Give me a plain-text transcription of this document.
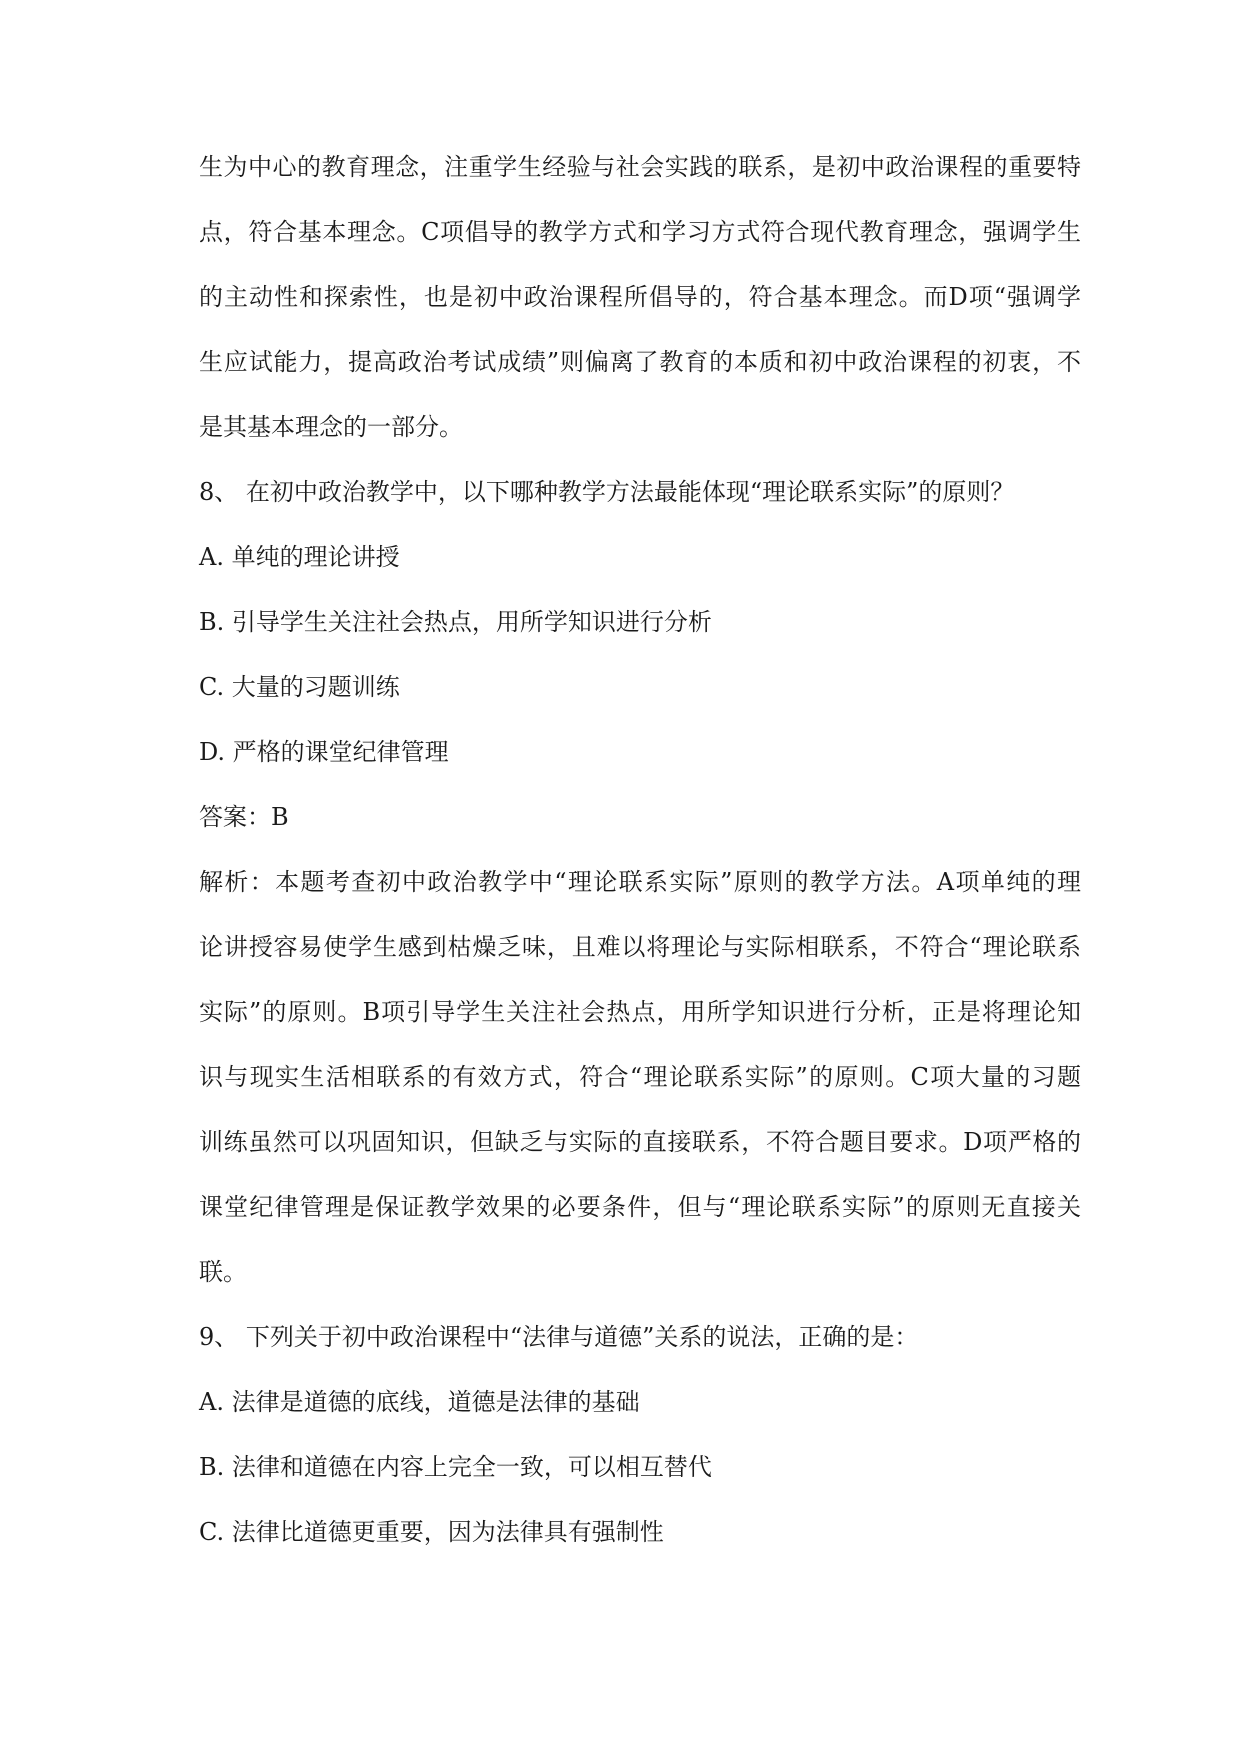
生为中心的教育理念，注重学生经验与社会实践的联系，是初中政治课程的重要特
点，符合基本理念。C项倡导的教学方式和学习方式符合现代教育理念，强调学生
的主动性和探索性，也是初中政治课程所倡导的，符合基本理念。而D项“强调学
生应试能力，提高政治考试成绩”则偏离了教育的本质和初中政治课程的初衷，不
是其基本理念的一部分。
8、 在初中政治教学中，以下哪种教学方法最能体现“理论联系实际”的原则？
A. 单纯的理论讲授
B. 引导学生关注社会热点，用所学知识进行分析
C. 大量的习题训练
D. 严格的课堂纪律管理
答案：B
解析：本题考查初中政治教学中“理论联系实际”原则的教学方法。A项单纯的理
论讲授容易使学生感到枯燥乏味，且难以将理论与实际相联系，不符合“理论联系
实际”的原则。B项引导学生关注社会热点，用所学知识进行分析，正是将理论知
识与现实生活相联系的有效方式，符合“理论联系实际”的原则。C项大量的习题
训练虽然可以巩固知识，但缺乏与实际的直接联系，不符合题目要求。D项严格的
课堂纪律管理是保证教学效果的必要条件，但与“理论联系实际”的原则无直接关
联。
9、 下列关于初中政治课程中“法律与道德”关系的说法，正确的是：
A. 法律是道德的底线，道德是法律的基础
B. 法律和道德在内容上完全一致，可以相互替代
C. 法律比道德更重要，因为法律具有强制性
